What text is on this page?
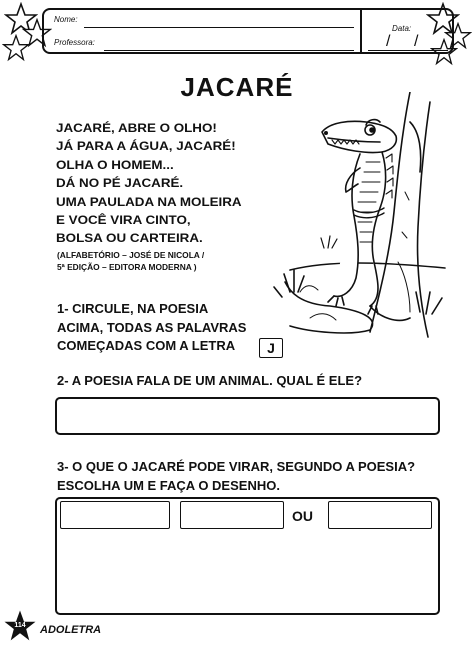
Nome:
Professora:
Data:
/ /
JACARÉ
JACARÉ, ABRE O OLHO!
JÁ PARA A ÁGUA, JACARÉ!
OLHA O HOMEM...
DÁ NO PÉ JACARÉ.
UMA PAULADA NA MOLEIRA
E VOCÊ VIRA CINTO,
BOLSA OU CARTEIRA.
(ALFABETÓRIO – JOSÉ DE NICOLA /
5ª EDIÇÃO – EDITORA MODERNA )
1- CIRCULE, NA POESIA
ACIMA, TODAS AS PALAVRAS
COMEÇADAS COM A LETRA	J
2- A POESIA FALA DE UM ANIMAL. QUAL É ELE?
3- O QUE O JACARÉ PODE VIRAR, SEGUNDO A POESIA?
ESCOLHA UM E FAÇA O DESENHO.
OU
114 ADOLETRA
